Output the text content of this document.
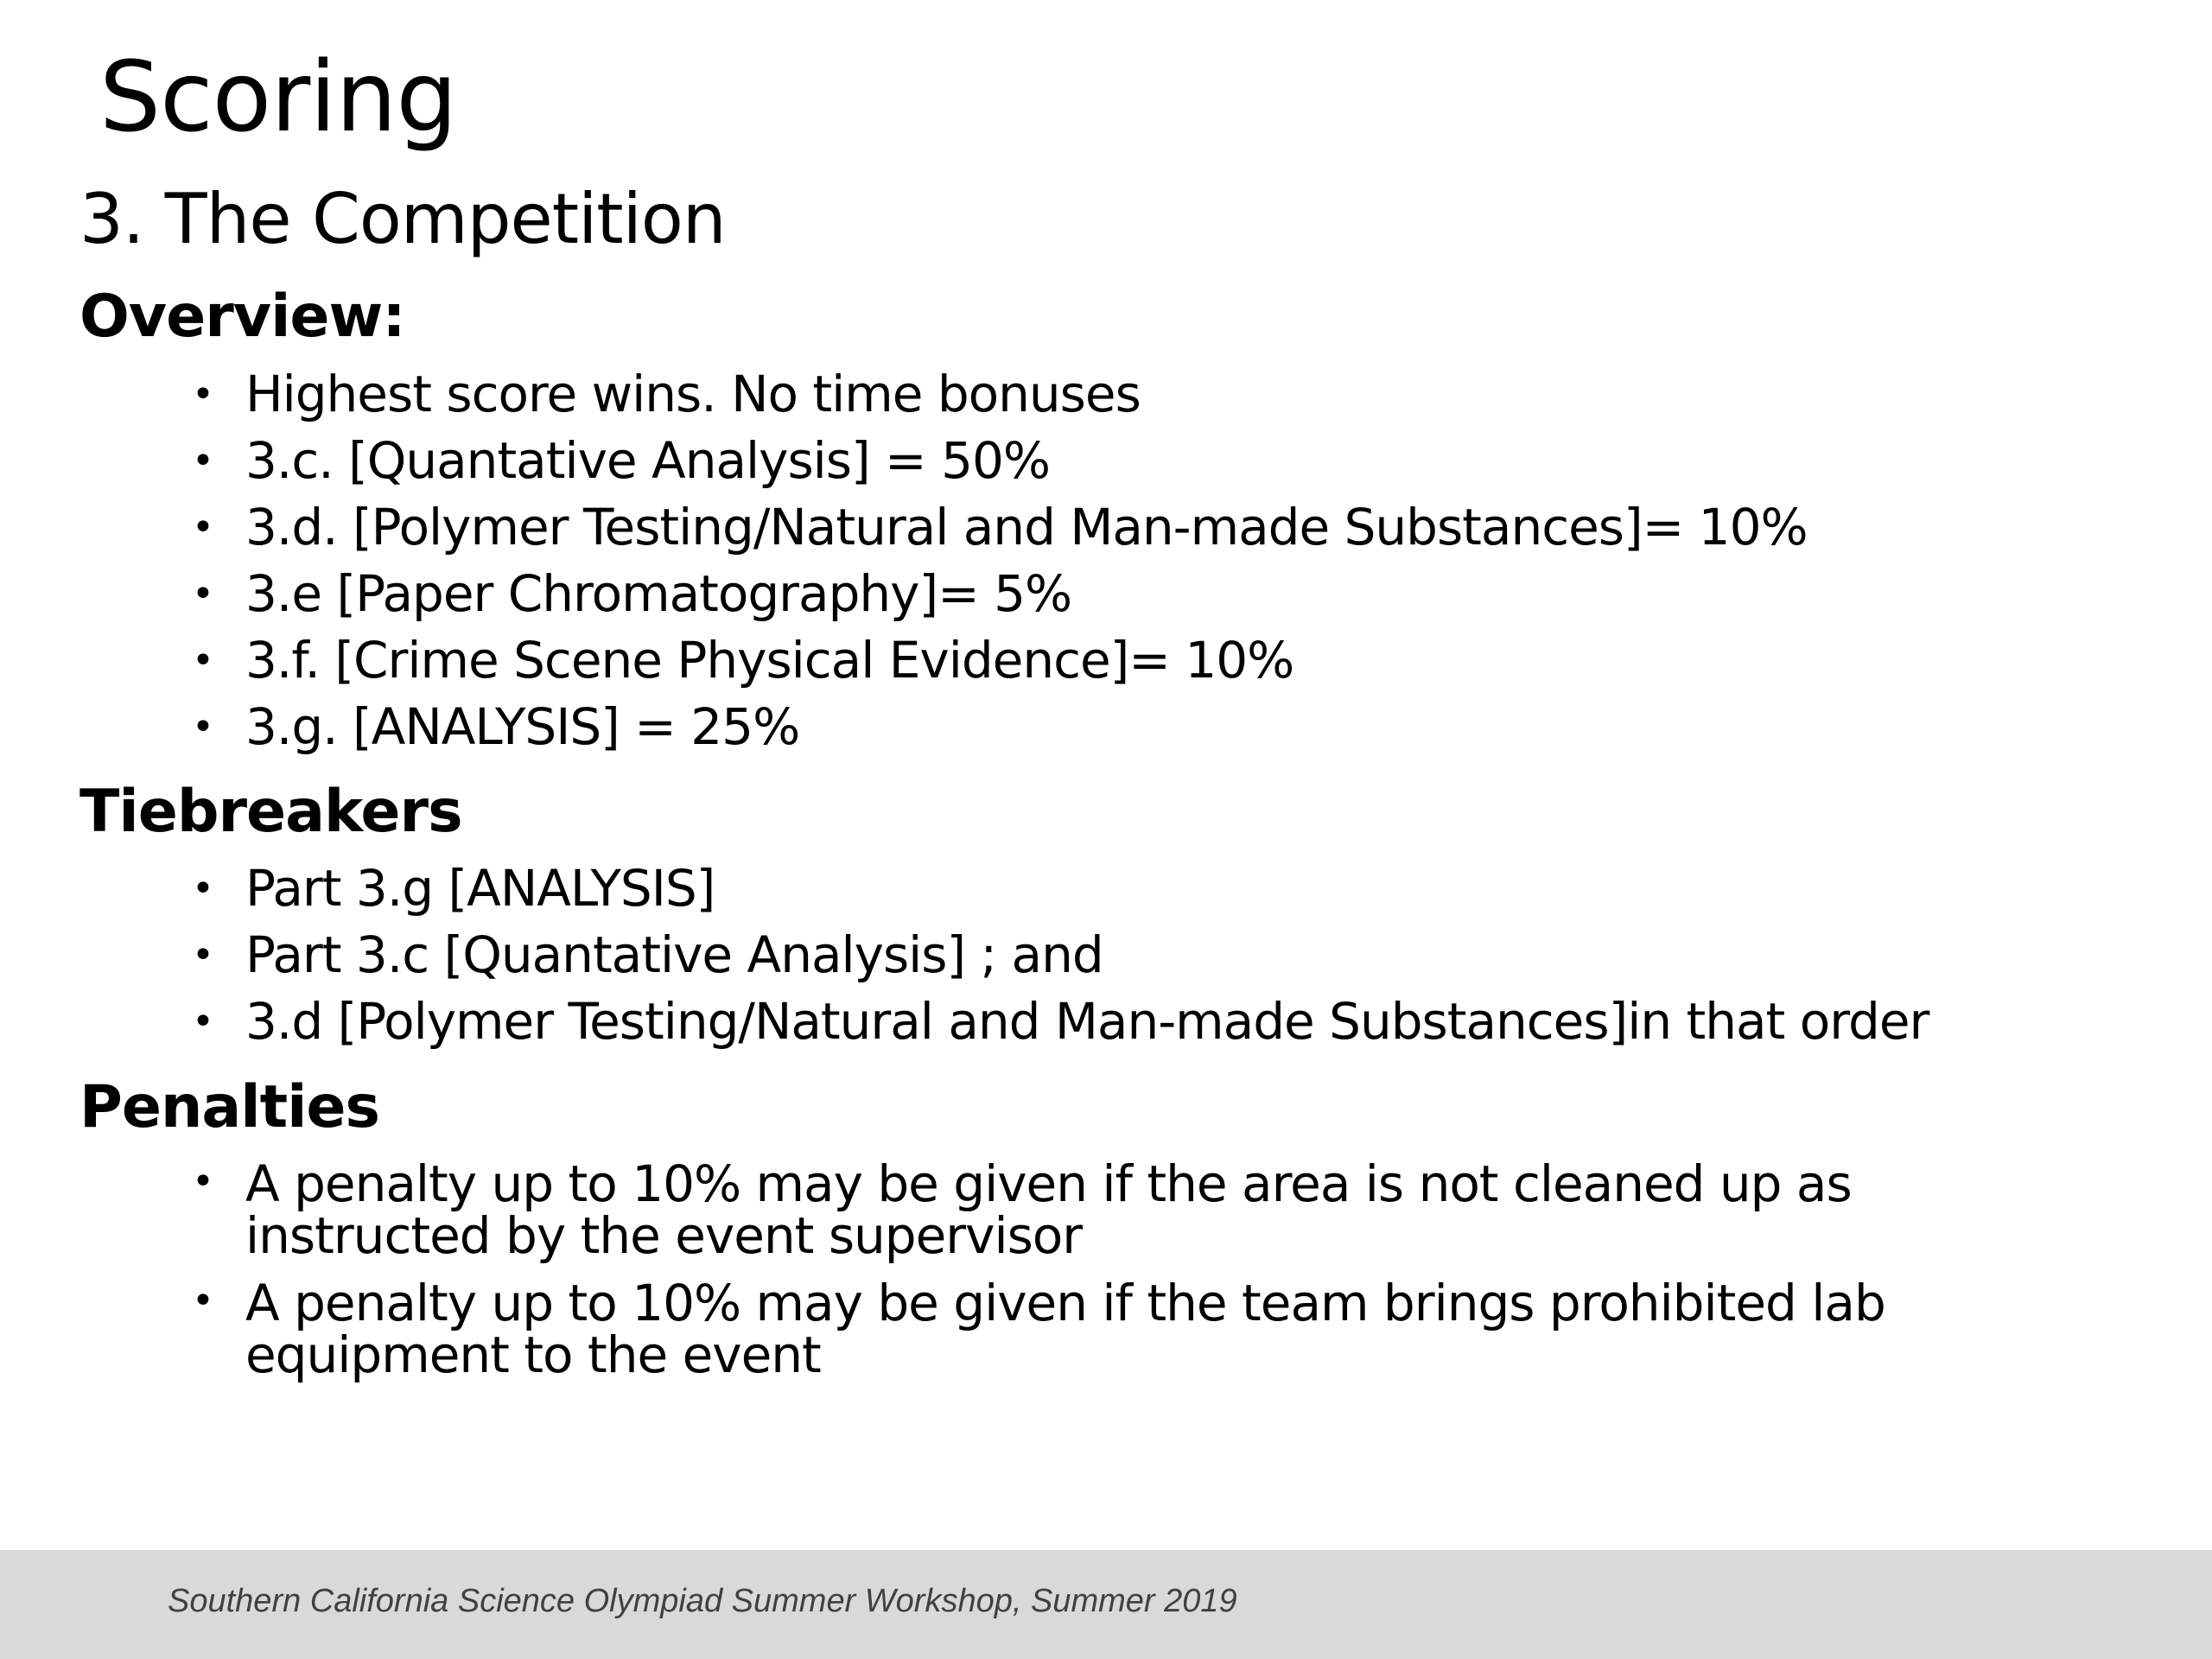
Scoring
3. The Competition
Overview:
• Highest score wins. No time bonuses
• 3.c. [Quantative Analysis] = 50%
• 3.d. [Polymer Testing/Natural and Man-made Substances]= 10%
• 3.e [Paper Chromatography]= 5%
• 3.f. [Crime Scene Physical Evidence]= 10%
• 3.g. [ANALYSIS] = 25%
Tiebreakers
• Part 3.g [ANALYSIS]
• Part 3.c [Quantative Analysis] ; and
• 3.d [Polymer Testing/Natural and Man-made Substances]in that order
Penalties
• A penalty up to 10% may be given if the area is not cleaned up as instructed by the event supervisor
• A penalty up to 10% may be given if the team brings prohibited lab equipment to the event
Southern California Science Olympiad Summer Workshop, Summer 2019
